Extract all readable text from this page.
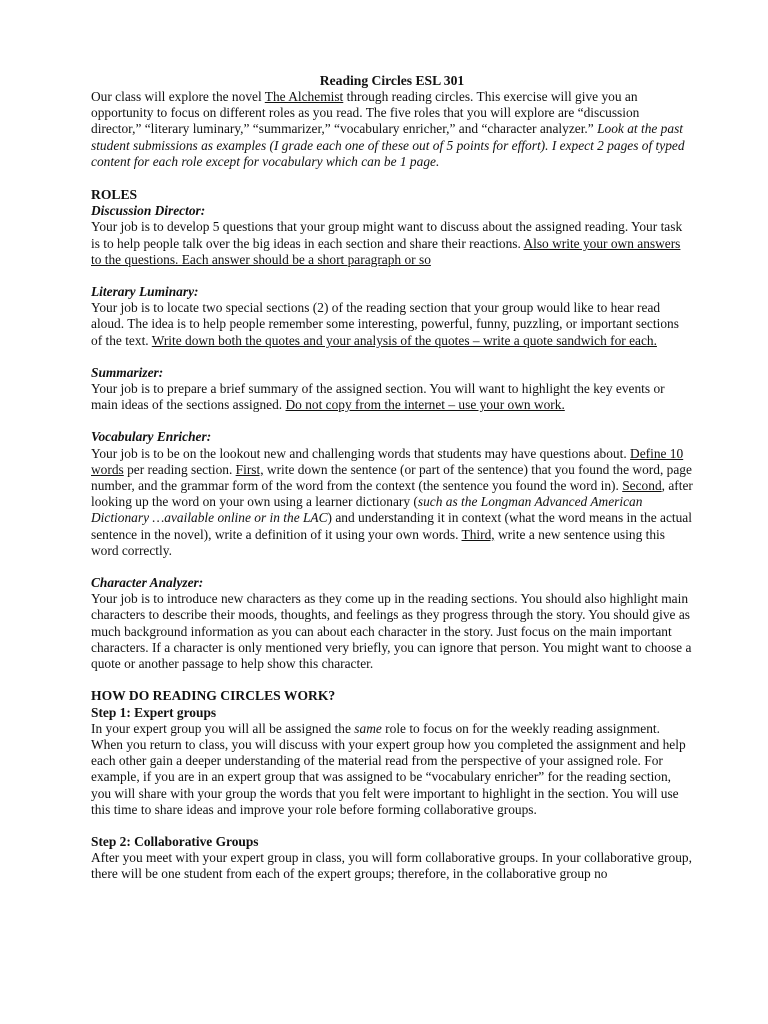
Reading Circles ESL 301

Our class will explore the novel The Alchemist through reading circles. This exercise will give you an opportunity to focus on different roles as you read. The five roles that you will explore are “discussion director,” “literary luminary,” “summarizer,” “vocabulary enricher,” and “character analyzer.” Look at the past student submissions as examples (I grade each one of these out of 5 points for effort). I expect 2 pages of typed content for each role except for vocabulary which can be 1 page.

ROLES
Discussion Director:

Your job is to develop 5 questions that your group might want to discuss about the assigned reading. Your task is to help people talk over the big ideas in each section and share their reactions. Also write your own answers to the questions. Each answer should be a short paragraph or so

Literary Luminary:

Your job is to locate two special sections (2) of the reading section that your group would like to hear read aloud. The idea is to help people remember some interesting, powerful, funny, puzzling, or important sections of the text. Write down both the quotes and your analysis of the quotes – write a quote sandwich for each.

Summarizer:

Your job is to prepare a brief summary of the assigned section. You will want to highlight the key events or main ideas of the sections assigned. Do not copy from the internet – use your own work.

Vocabulary Enricher:

Your job is to be on the lookout new and challenging words that students may have questions about. Define 10 words per reading section. First, write down the sentence (or part of the sentence) that you found the word, page number, and the grammar form of the word from the context (the sentence you found the word in). Second, after looking up the word on your own using a learner dictionary (such as the Longman Advanced American Dictionary …available online or in the LAC) and understanding it in context (what the word means in the actual sentence in the novel), write a definition of it using your own words. Third, write a new sentence using this word correctly.

Character Analyzer:

Your job is to introduce new characters as they come up in the reading sections. You should also highlight main characters to describe their moods, thoughts, and feelings as they progress through the story. You should give as much background information as you can about each character in the story. Just focus on the main important characters. If a character is only mentioned very briefly, you can ignore that person. You might want to choose a quote or another passage to help show this character.

HOW DO READING CIRCLES WORK?
Step 1: Expert groups

In your expert group you will all be assigned the same role to focus on for the weekly reading assignment. When you return to class, you will discuss with your expert group how you completed the assignment and help each other gain a deeper understanding of the material read from the perspective of your assigned role. For example, if you are in an expert group that was assigned to be “vocabulary enricher” for the reading section, you will share with your group the words that you felt were important to highlight in the section. You will use this time to share ideas and improve your role before forming collaborative groups.

Step 2: Collaborative Groups

After you meet with your expert group in class, you will form collaborative groups. In your collaborative group, there will be one student from each of the expert groups; therefore, in the collaborative group no
